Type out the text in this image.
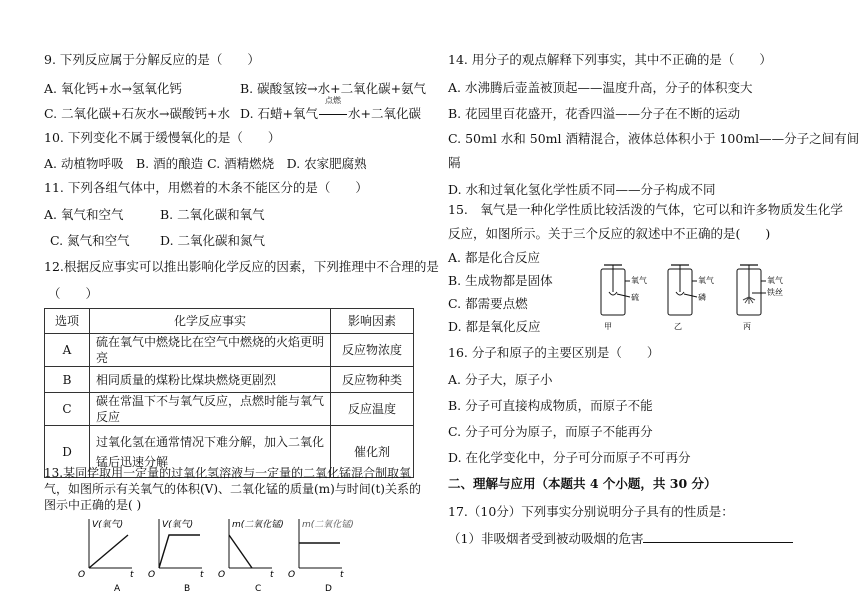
9. 下列反应属于分解反应的是（　　）
A. 氧化钙+水→氢氧化钙	B. 碳酸氢铵→水+二氧化碳+氨气
C. 二氧化碳+石灰水→碳酸钙+水 D. 石蜡+氧气
点燃
水+二氧化碳
10. 下列变化不属于缓慢氧化的是（　　）
A. 动植物呼吸　B. 酒的酿造 C. 酒精燃烧　D. 农家肥腐熟
11. 下列各组气体中，用燃着的木条不能区分的是（　　）
A. 氧气和空气	B. 二氧化碳和氧气
C. 氮气和空气 D. 二氧化碳和氮气
12.根据反应事实可以推出影响化学反应的因素，下列推理中不合理的是
（　　）
选项	化学反应事实	影响因素
A	硫在氧气中燃烧比在空气中燃烧的火焰更明亮	反应物浓度
B	相同质量的煤粉比煤块燃烧更剧烈	反应物种类
C	碳在常温下不与氧气反应，点燃时能与氧气反应	反应温度
D	过氧化氢在通常情况下难分解，加入二氧化锰后迅速分解	催化剂
13.某同学取用一定量的过氧化氢溶液与一定量的二氧化锰混合制取氧
气，如图所示有关氧气的体积(V)、二氧化锰的质量(m)与时间(t)关系的
图示中正确的是( )
V(氧气)
O	t
A
V(氧气)
O	t
B
m(二氧化锰)
O	t
C
m(二氧化锰)
O	t
D
14. 用分子的观点解释下列事实，其中不正确的是（　　）
A. 水沸腾后壶盖被顶起——温度升高，分子的体积变大
B. 花园里百花盛开，花香四溢——分子在不断的运动
C. 50ml 水和 50ml 酒精混合，液体总体积小于 100ml——分子之间有间
隔
D. 水和过氧化氢化学性质不同——分子构成不同
15.　氧气是一种化学性质比较活泼的气体，它可以和许多物质发生化学
反应，如图所示。关于三个反应的叙述中不正确的是(　　)
A. 都是化合反应
B. 生成物都是固体
C. 都需要点燃
D. 都是氧化反应
氧气
硫
甲
氧气
磷
乙
氧气
铁丝
丙
16. 分子和原子的主要区别是（　　）
A. 分子大，原子小
B. 分子可直接构成物质，而原子不能
C. 分子可分为原子，而原子不能再分
D. 在化学变化中，分子可分而原子不可再分
二、理解与应用（本题共 4 个小题，共 30 分）
17.（10分）下列事实分别说明分子具有的性质是：
（1）非吸烟者受到被动吸烟的危害
